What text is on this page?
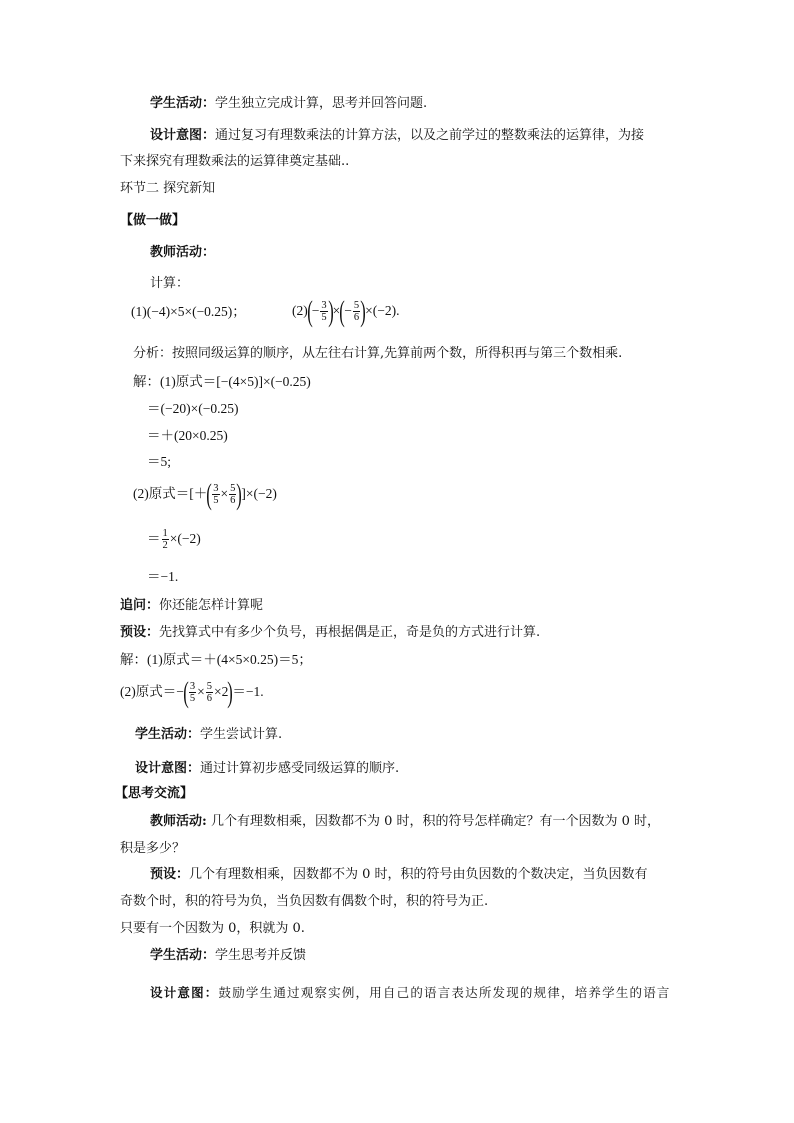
学生活动：学生独立完成计算，思考并回答问题.
设计意图：通过复习有理数乘法的计算方法，以及之前学过的整数乘法的运算律，为接
下来探究有理数乘法的运算律奠定基础..
环节二 探究新知
【做一做】
教师活动：
计算：
(1)(−4)×5×(−0.25)；	$(2)(- \frac{3}{5}$ )×(− $\frac{5}{6} )\times(-2)$.
分析：按照同级运算的顺序，从左往右计算,先算前两个数，所得积再与第三个数相乘.
解：(1)原式＝[−(4×5)]×(−0.25)
＝(−20)×(−0.25)
＝＋(20×0.25)
＝5;
(2)原式＝[＋( $\frac{3}{5} \times \frac{5}{6} )]\times(-2)$
＝ $\frac{1}{2} \times(-2)$
＝−1.
追问：你还能怎样计算呢
预设：先找算式中有多少个负号，再根据偶是正，奇是负的方式进行计算.
解：(1)原式＝＋(4×5×0.25)＝5；
(2)原式＝−( $\frac{3}{5} \times \frac{5}{6} \times 2)=-1$.
学生活动：学生尝试计算.
设计意图：通过计算初步感受同级运算的顺序.
【思考交流】
教师活动: 几个有理数相乘，因数都不为 0 时，积的符号怎样确定？有一个因数为 0 时，
积是多少？
预设：几个有理数相乘，因数都不为 0 时，积的符号由负因数的个数决定，当负因数有
奇数个时，积的符号为负，当负因数有偶数个时，积的符号为正.
只要有一个因数为 0，积就为 0.
学生活动：学生思考并反馈
设计意图：鼓励学生通过观察实例，用自己的语言表达所发现的规律，培养学生的语言
